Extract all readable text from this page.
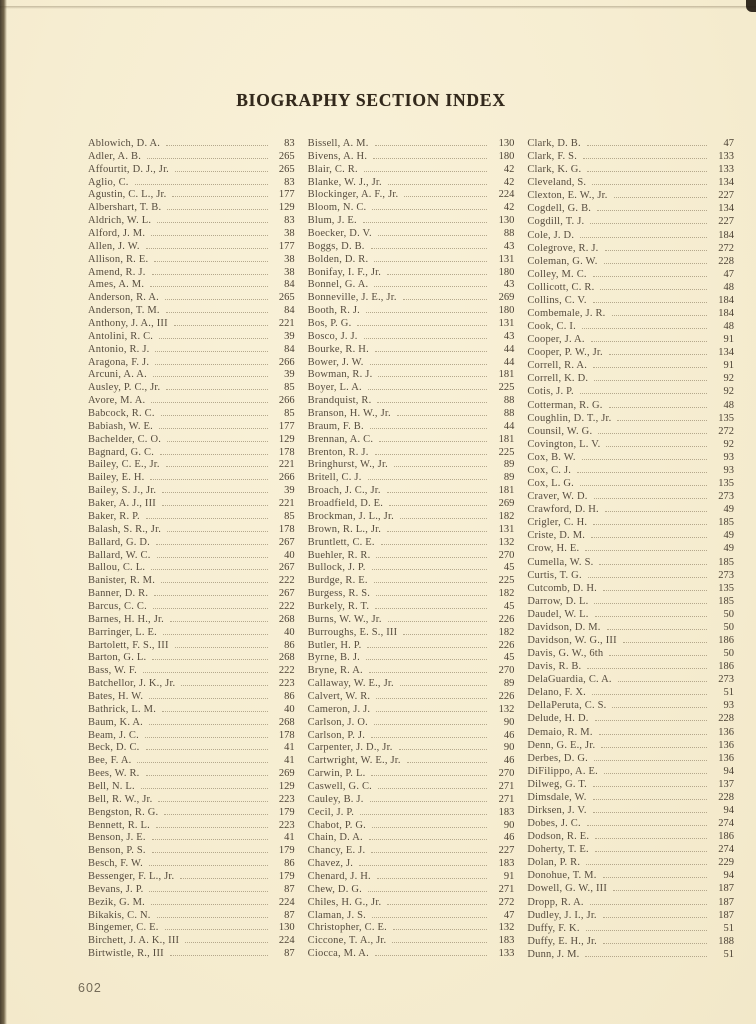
BIOGRAPHY SECTION INDEX
Ablowich, D. A.	83
Adler, A. B.	265
Affourtit, D. J., Jr.	265
Aglio, C.	83
Agustin, C. L., Jr.	177
Albershart, T. B.	129
Aldrich, W. L.	83
Alford, J. M.	38
Allen, J. W.	177
Allison, R. E.	38
Amend, R. J.	38
Ames, A. M.	84
Anderson, R. A.	265
Anderson, T. M.	84
Anthony, J. A., III	221
Antolini, R. C.	39
Antonio, R. J.	84
Aragona, F. J.	266
Arcuni, A. A.	39
Ausley, P. C., Jr.	85
Avore, M. A.	266
Babcock, R. C.	85
Babiash, W. E.	177
Bachelder, C. O.	129
Bagnard, G. C.	178
Bailey, C. E., Jr.	221
Bailey, E. H.	266
Bailey, S. J., Jr.	39
Baker, A. J., III	221
Baker, R. P.	85
Balash, S. R., Jr.	178
Ballard, G. D.	267
Ballard, W. C.	40
Ballou, C. L.	267
Banister, R. M.	222
Banner, D. R.	267
Barcus, C. C.	222
Barnes, H. H., Jr.	268
Barringer, L. E.	40
Bartolett, F. S., III	86
Barton, G. L.	268
Bass, W. F.	222
Batchellor, J. K., Jr.	223
Bates, H. W.	86
Bathrick, L. M.	40
Baum, K. A.	268
Beam, J. C.	178
Beck, D. C.	41
Bee, F. A.	41
Bees, W. R.	269
Bell, N. L.	129
Bell, R. W., Jr.	223
Bengston, R. G.	179
Bennett, R. L.	223
Benson, J. E.	41
Benson, P. S.	179
Besch, F. W.	86
Bessenger, F. L., Jr.	179
Bevans, J. P.	87
Bezik, G. M.	224
Bikakis, C. N.	87
Bingemer, C. E.	130
Birchett, J. A. K., III	224
Birtwistle, R., III	87
Bissell, A. M.	130
Bivens, A. H.	180
Blair, C. R.	42
Blanke, W. J., Jr.	42
Blockinger, A. F., Jr.	224
Bloom, N. C.	42
Blum, J. E.	130
Boecker, D. V.	88
Boggs, D. B.	43
Bolden, D. R.	131
Bonifay, I. F., Jr.	180
Bonnel, G. A.	43
Bonneville, J. E., Jr.	269
Booth, R. J.	180
Bos, P. G.	131
Bosco, J. J.	43
Bourke, R. H.	44
Bower, J. W.	44
Bowman, R. J.	181
Boyer, L. A.	225
Brandquist, R.	88
Branson, H. W., Jr.	88
Braum, F. B.	44
Brennan, A. C.	181
Brenton, R. J.	225
Bringhurst, W., Jr.	89
Britell, C. J.	89
Broach, J. C., Jr.	181
Broadfield, D. E.	269
Brockman, J. L., Jr.	182
Brown, R. L., Jr.	131
Bruntlett, C. E.	132
Buehler, R. R.	270
Bullock, J. P.	45
Burdge, R. E.	225
Burgess, R. S.	182
Burkely, R. T.	45
Burns, W. W., Jr.	226
Burroughs, E. S., III	182
Butler, H. P.	226
Byrne, B. J.	45
Bryne, R. A.	270
Callaway, W. E., Jr.	89
Calvert, W. R.	226
Cameron, J. J.	132
Carlson, J. O.	90
Carlson, P. J.	46
Carpenter, J. D., Jr.	90
Cartwright, W. E., Jr.	46
Carwin, P. L.	270
Caswell, G. C.	271
Cauley, B. J.	271
Cecil, J. P.	183
Chabot, P. G.	90
Chain, D. A.	46
Chancy, E. J.	227
Chavez, J.	183
Chenard, J. H.	91
Chew, D. G.	271
Chiles, H. G., Jr.	272
Claman, J. S.	47
Christopher, C. E.	132
Ciccone, T. A., Jr.	183
Ciocca, M. A.	133
Clark, D. B.	47
Clark, F. S.	133
Clark, K. G.	133
Cleveland, S.	134
Clexton, E. W., Jr.	227
Cogdell, G. B.	134
Cogdill, T. J.	227
Cole, J. D.	184
Colegrove, R. J.	272
Coleman, G. W.	228
Colley, M. C.	47
Collicott, C. R.	48
Collins, C. V.	184
Combemale, J. R.	184
Cook, C. I.	48
Cooper, J. A.	91
Cooper, P. W., Jr.	134
Correll, R. A.	91
Correll, K. D.	92
Cotis, J. P.	92
Cotterman, R. G.	48
Coughlin, D. T., Jr.	135
Counsil, W. G.	272
Covington, L. V.	92
Cox, B. W.	93
Cox, C. J.	93
Cox, L. G.	135
Craver, W. D.	273
Crawford, D. H.	49
Crigler, C. H.	185
Criste, D. M.	49
Crow, H. E.	49
Cumella, W. S.	185
Curtis, T. G.	273
Cutcomb, D. H.	135
Darrow, D. L.	185
Daudel, W. L.	50
Davidson, D. M.	50
Davidson, W. G., III	186
Davis, G. W., 6th	50
Davis, R. B.	186
DelaGuardia, C. A.	273
Delano, F. X.	51
DellaPeruta, C. S.	93
Delude, H. D.	228
Demaio, R. M.	136
Denn, G. E., Jr.	136
Derbes, D. G.	136
DiFilippo, A. E.	94
Dilweg, G. T.	137
Dimsdale, W.	228
Dirksen, J. V.	94
Dobes, J. C.	274
Dodson, R. E.	186
Doherty, T. E.	274
Dolan, P. R.	229
Donohue, T. M.	94
Dowell, G. W., III	187
Dropp, R. A.	187
Dudley, J. I., Jr.	187
Duffy, F. K.	51
Duffy, E. H., Jr.	188
Dunn, J. M.	51
602
